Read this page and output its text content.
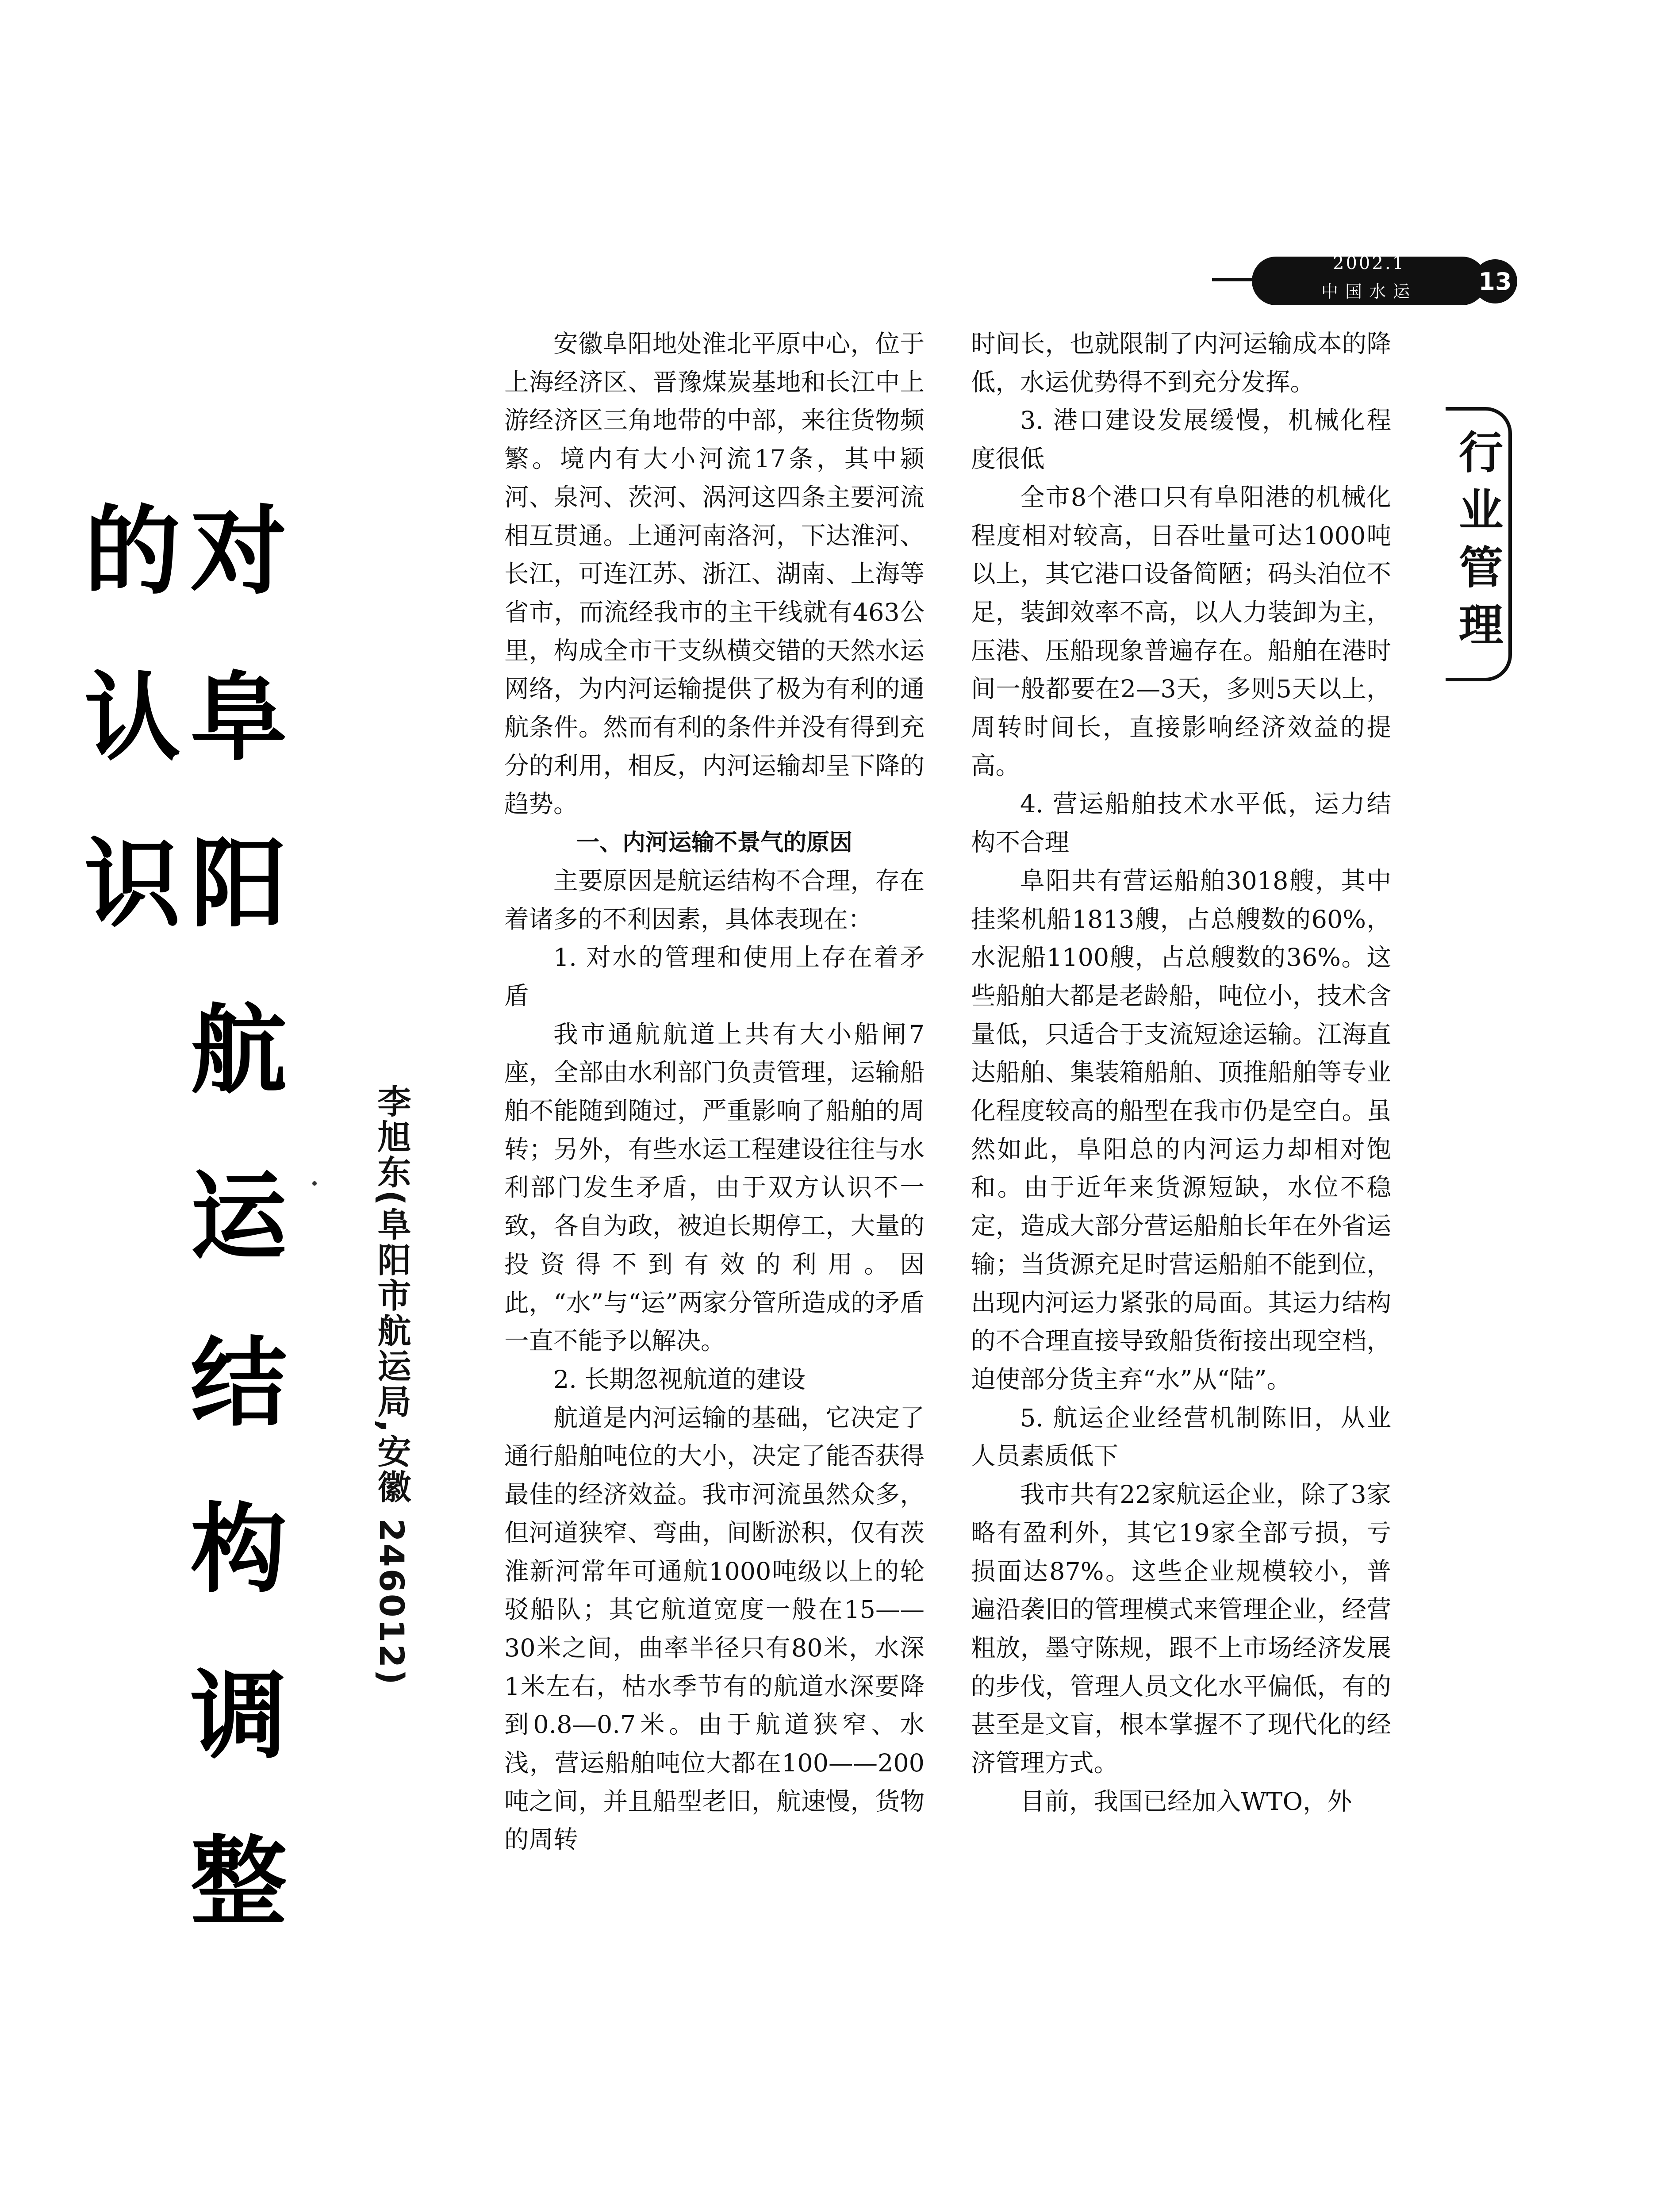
2002.1
中国水运	13
行业管理
对阜阳航运结构调整的认识
李旭东(阜阳市航运局,安徽 246012)

安徽阜阳地处淮北平原中心，位于上海经济区、晋豫煤炭基地和长江中上游经济区三角地带的中部，来往货物频繁。境内有大小河流17条，其中颍河、泉河、茨河、涡河这四条主要河流相互贯通。上通河南洛河，下达淮河、长江，可连江苏、浙江、湖南、上海等省市，而流经我市的主干线就有463公里，构成全市干支纵横交错的天然水运网络，为内河运输提供了极为有利的通航条件。然而有利的条件并没有得到充分的利用，相反，内河运输却呈下降的趋势。

一、内河运输不景气的原因

主要原因是航运结构不合理，存在着诸多的不利因素，具体表现在：

1. 对水的管理和使用上存在着矛盾

我市通航航道上共有大小船闸7座，全部由水利部门负责管理，运输船舶不能随到随过，严重影响了船舶的周转；另外，有些水运工程建设往往与水利部门发生矛盾，由于双方认识不一致，各自为政，被迫长期停工，大量的投资得不到有效的利用。因此，“水”与“运”两家分管所造成的矛盾一直不能予以解决。

2. 长期忽视航道的建设

航道是内河运输的基础，它决定了通行船舶吨位的大小，决定了能否获得最佳的经济效益。我市河流虽然众多，但河道狭窄、弯曲，间断淤积，仅有茨淮新河常年可通航1000吨级以上的轮驳船队；其它航道宽度一般在15——30米之间，曲率半径只有80米，水深1米左右，枯水季节有的航道水深要降到0.8—0.7米。由于航道狭窄、水浅，营运船舶吨位大都在100——200吨之间，并且船型老旧，航速慢，货物的周转

时间长，也就限制了内河运输成本的降低，水运优势得不到充分发挥。

3. 港口建设发展缓慢，机械化程度很低

全市8个港口只有阜阳港的机械化程度相对较高，日吞吐量可达1000吨以上，其它港口设备简陋；码头泊位不足，装卸效率不高，以人力装卸为主，压港、压船现象普遍存在。船舶在港时间一般都要在2—3天，多则5天以上，周转时间长，直接影响经济效益的提高。

4. 营运船舶技术水平低，运力结构不合理

阜阳共有营运船舶3018艘，其中挂桨机船1813艘，占总艘数的60%，水泥船1100艘，占总艘数的36%。这些船舶大都是老龄船，吨位小，技术含量低，只适合于支流短途运输。江海直达船舶、集装箱船舶、顶推船舶等专业化程度较高的船型在我市仍是空白。虽然如此，阜阳总的内河运力却相对饱和。由于近年来货源短缺，水位不稳定，造成大部分营运船舶长年在外省运输；当货源充足时营运船舶不能到位，出现内河运力紧张的局面。其运力结构的不合理直接导致船货衔接出现空档，迫使部分货主弃“水”从“陆”。

5. 航运企业经营机制陈旧，从业人员素质低下

我市共有22家航运企业，除了3家略有盈利外，其它19家全部亏损，亏损面达87%。这些企业规模较小，普遍沿袭旧的管理模式来管理企业，经营粗放，墨守陈规，跟不上市场经济发展的步伐，管理人员文化水平偏低，有的甚至是文盲，根本掌握不了现代化的经济管理方式。

目前，我国已经加入WTO，外
